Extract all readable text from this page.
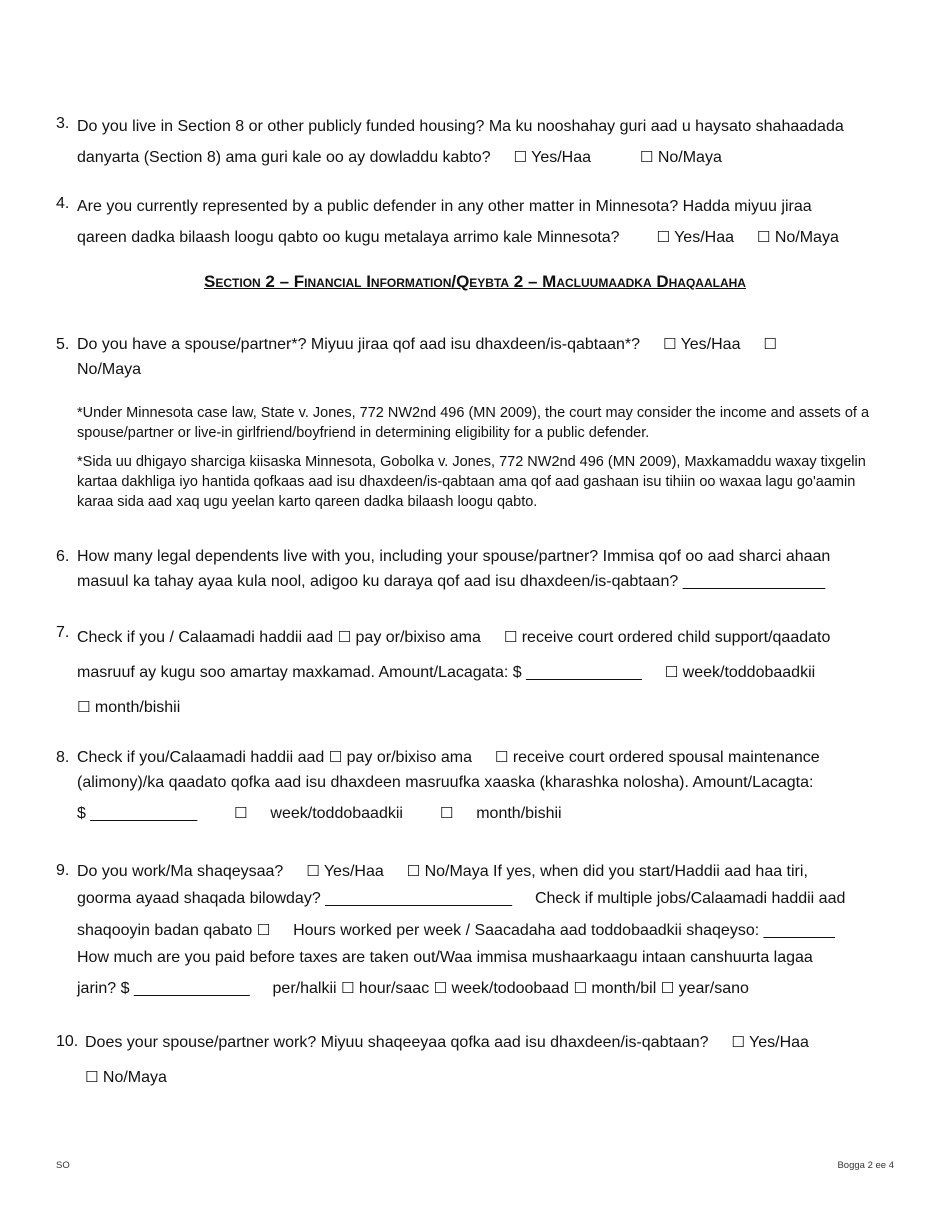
3. Do you live in Section 8 or other publicly funded housing? Ma ku nooshahay guri aad u haysato shahaadada
danyarta (Section 8) ama guri kale oo ay dowladdu kabto? ☐ Yes/Haa	☐ No/Maya
4. Are you currently represented by a public defender in any other matter in Minnesota? Hadda miyuu jiraa
qareen dadka bilaash loogu qabto oo kugu metalaya arrimo kale Minnesota? ☐ Yes/Haa ☐ No/Maya
Section 2 – Financial Information/Qeybta 2 – Macluumaadka Dhaqaalaha
5. Do you have a spouse/partner*? Miyuu jiraa qof aad isu dhaxdeen/is-qabtaan*? ☐ Yes/Haa ☐
No/Maya
*Under Minnesota case law, State v. Jones, 772 NW2nd 496 (MN 2009), the court may consider the income and assets of a spouse/partner or live-in girlfriend/boyfriend in determining eligibility for a public defender.
*Sida uu dhigayo sharciga kiisaska Minnesota, Gobolka v. Jones, 772 NW2nd 496 (MN 2009), Maxkamaddu waxay tixgelin kartaa dakhliga iyo hantida qofkaas aad isu dhaxdeen/is-qabtaan ama qof aad gashaan isu tihiin oo waxaa lagu go'aamin karaa sida aad xaq ugu yeelan karto qareen dadka bilaash loogu qabto.
6. How many legal dependents live with you, including your spouse/partner? Immisa qof oo aad sharci ahaan
masuul ka tahay ayaa kula nool, adigoo ku daraya qof aad isu dhaxdeen/is-qabtaan? ________________
7. Check if you / Calaamadi haddii aad ☐ pay or/bixiso ama ☐ receive court ordered child support/qaadato
masruuf ay kugu soo amartay maxkamad. Amount/Lacagata: $ _____________ ☐ week/toddobaadkii
☐ month/bishii
8. Check if you/Calaamadi haddii aad ☐ pay or/bixiso ama ☐ receive court ordered spousal maintenance
(alimony)/ka qaadato qofka aad isu dhaxdeen masruufka xaaska (kharashka nolosha). Amount/Lacagta:
$ ____________ ☐ week/toddobaadkii ☐ month/bishii
9. Do you work/Ma shaqeysaa? ☐ Yes/Haa ☐ No/Maya If yes, when did you start/Haddii aad haa tiri,
goorma ayaad shaqada bilowday? _____________________ Check if multiple jobs/Calaamadi haddii aad

shaqooyin badan qabato ☐ Hours worked per week / Saacadaha aad toddobaadkii shaqeyso: ________
How much are you paid before taxes are taken out/Waa immisa mushaarkaagu intaan canshuurta lagaa
jarin? $ _____________ per/halkii ☐ hour/saac ☐ week/todoobaad ☐ month/bil ☐ year/sano
10. Does your spouse/partner work? Miyuu shaqeeyaa qofka aad isu dhaxdeen/is-qabtaan? ☐ Yes/Haa
☐ No/Maya
SO	Bogga 2 ee 4
